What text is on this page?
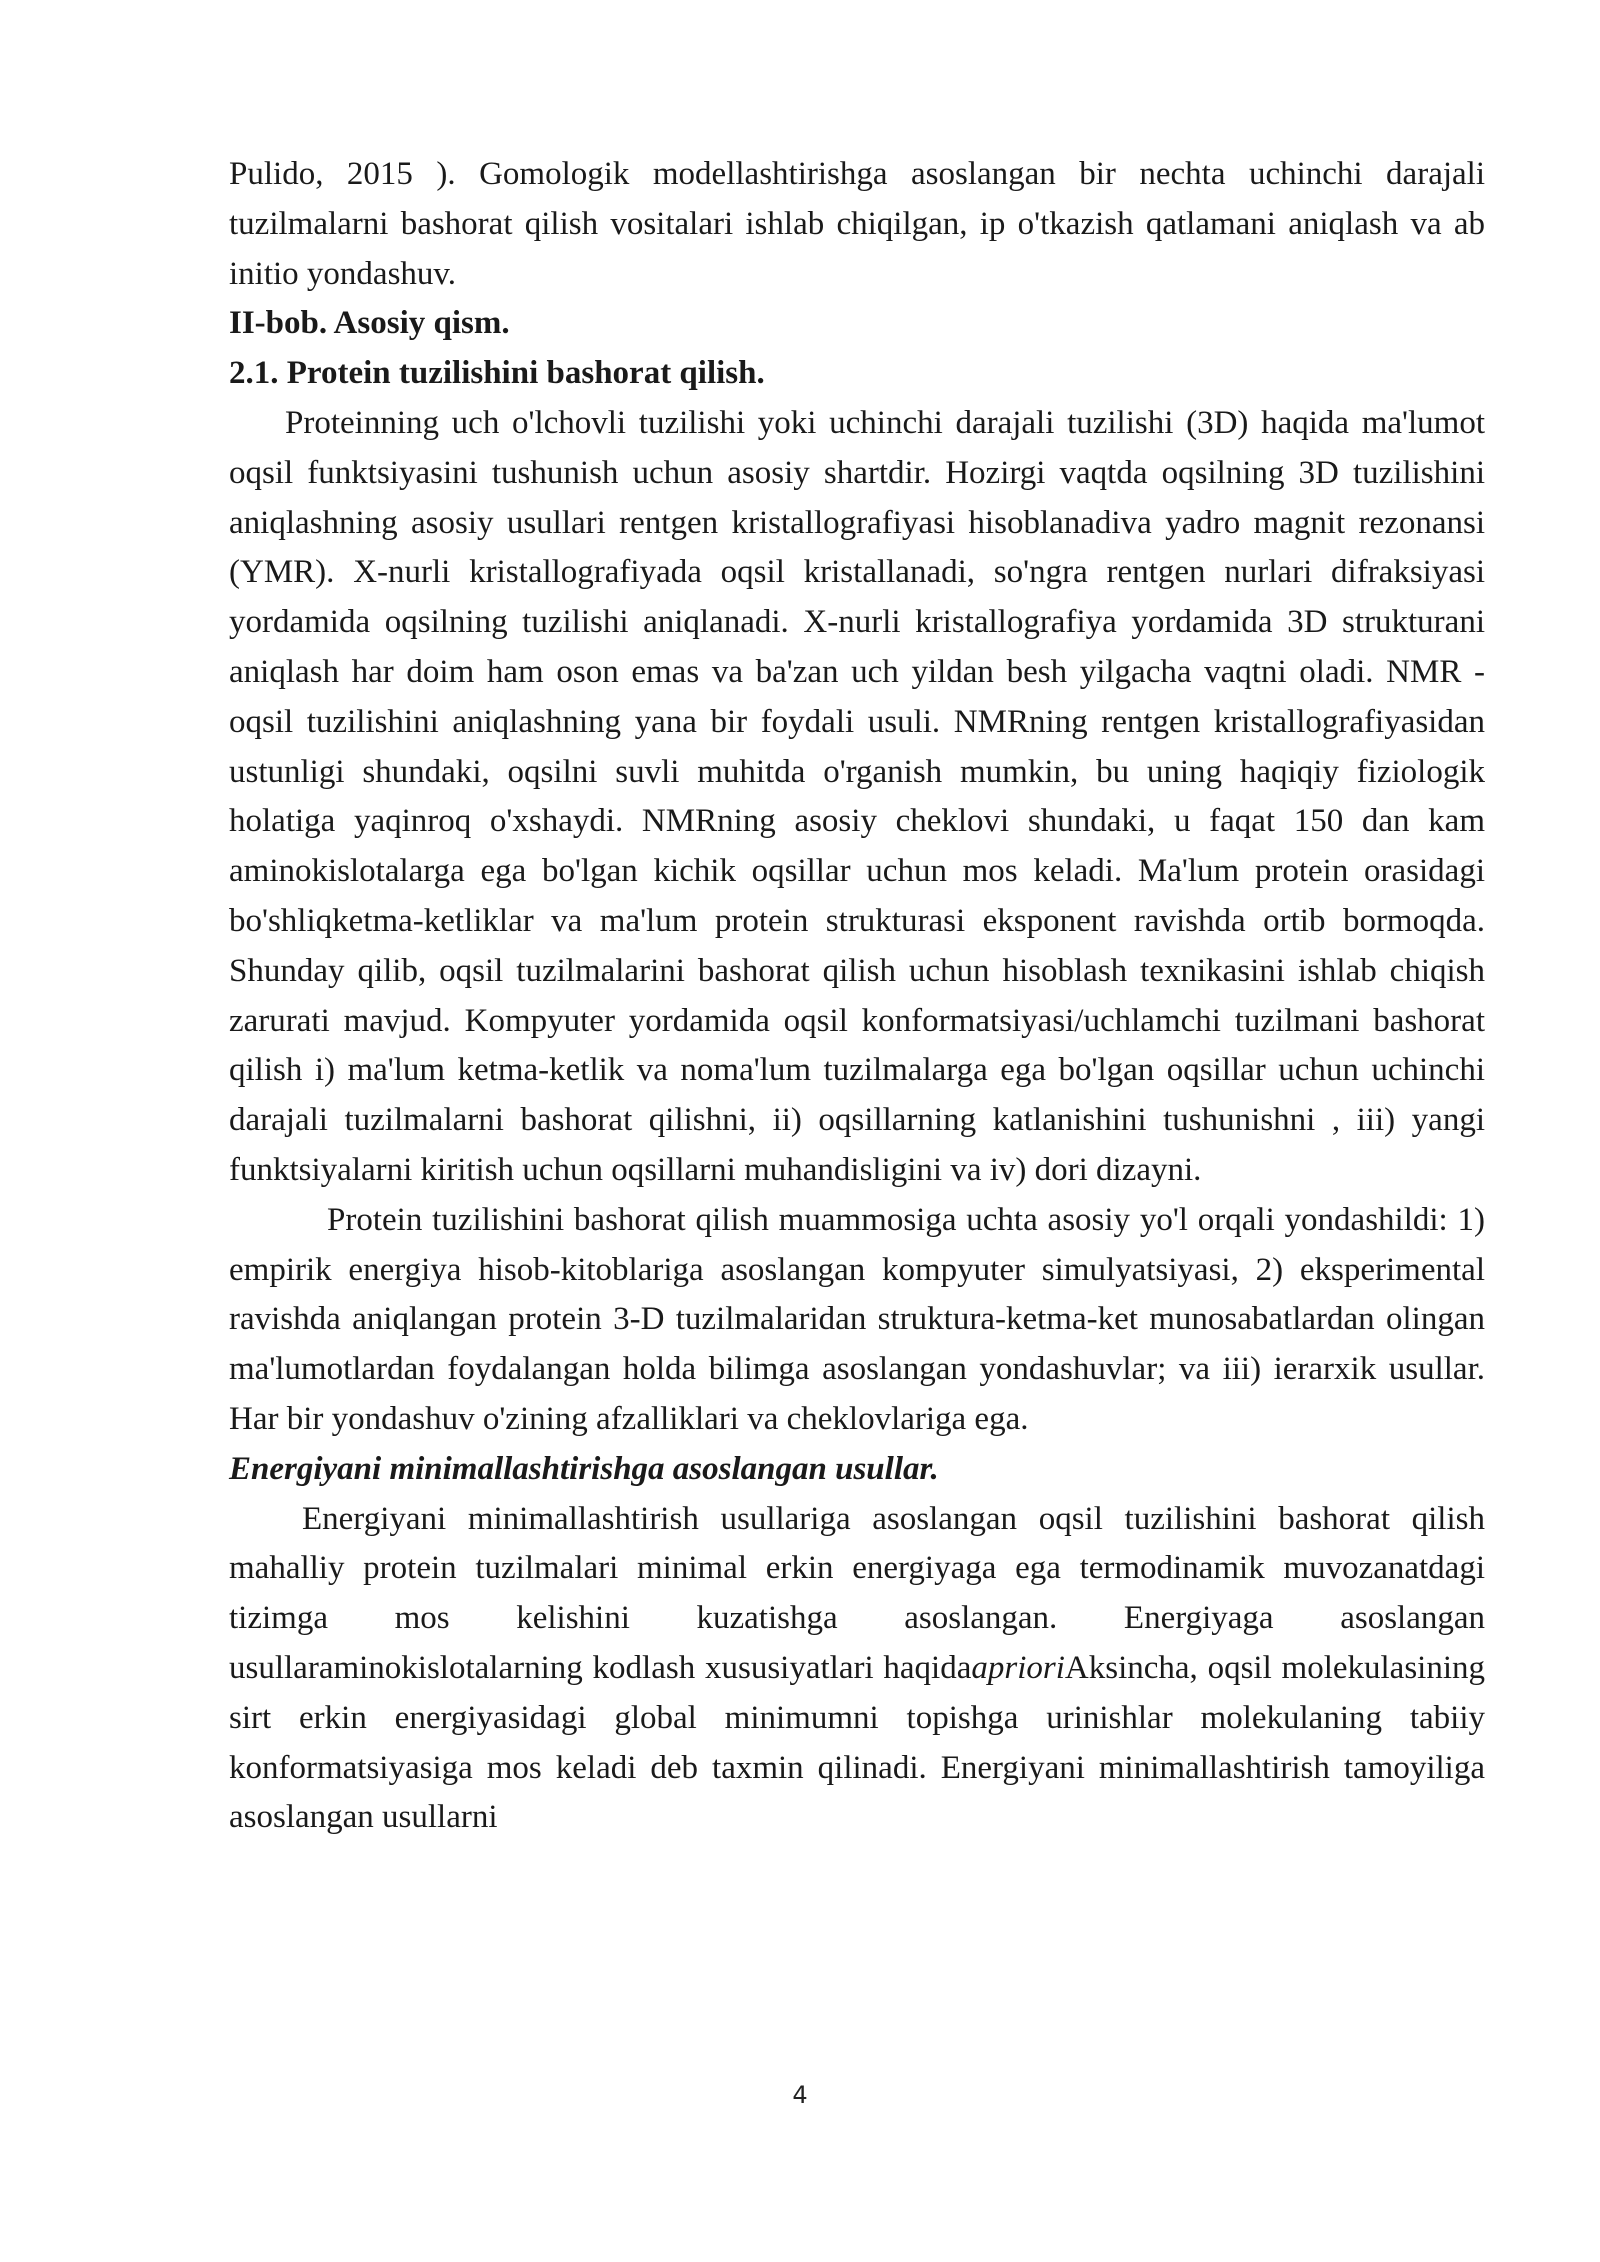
Pulido, 2015 ). Gomologik modellashtirishga asoslangan bir nechta uchinchi darajali tuzilmalarni bashorat qilish vositalari ishlab chiqilgan, ip o'tkazish qatlamani aniqlash va ab initio yondashuv.

II-bob. Asosiy qism.

2.1. Protein tuzilishini bashorat qilish.

Proteinning uch o'lchovli tuzilishi yoki uchinchi darajali tuzilishi (3D) haqida ma'lumot oqsil funktsiyasini tushunish uchun asosiy shartdir. Hozirgi vaqtda oqsilning 3D tuzilishini aniqlashning asosiy usullari rentgen kristallografiyasi hisoblanadiva yadro magnit rezonansi (YMR). X-nurli kristallografiyada oqsil kristallanadi, so'ngra rentgen nurlari difraksiyasi yordamida oqsilning tuzilishi aniqlanadi. X-nurli kristallografiya yordamida 3D strukturani aniqlash har doim ham oson emas va ba'zan uch yildan besh yilgacha vaqtni oladi. NMR - oqsil tuzilishini aniqlashning yana bir foydali usuli. NMRning rentgen kristallografiyasidan ustunligi shundaki, oqsilni suvli muhitda o'rganish mumkin, bu uning haqiqiy fiziologik holatiga yaqinroq o'xshaydi. NMRning asosiy cheklovi shundaki, u faqat 150 dan kam aminokislotalarga ega bo'lgan kichik oqsillar uchun mos keladi. Ma'lum protein orasidagi bo'shliqketma-ketliklar va ma'lum protein strukturasi eksponent ravishda ortib bormoqda. Shunday qilib, oqsil tuzilmalarini bashorat qilish uchun hisoblash texnikasini ishlab chiqish zarurati mavjud. Kompyuter yordamida oqsil konformatsiyasi/uchlamchi tuzilmani bashorat qilish i) ma'lum ketma-ketlik va noma'lum tuzilmalarga ega bo'lgan oqsillar uchun uchinchi darajali tuzilmalarni bashorat qilishni, ii) oqsillarning katlanishini tushunishni , iii) yangi funktsiyalarni kiritish uchun oqsillarni muhandisligini va iv) dori dizayni.

Protein tuzilishini bashorat qilish muammosiga uchta asosiy yo'l orqali yondashildi: 1) empirik energiya hisob-kitoblariga asoslangan kompyuter simulyatsiyasi, 2) eksperimental ravishda aniqlangan protein 3-D tuzilmalaridan struktura-ketma-ket munosabatlardan olingan ma'lumotlardan foydalangan holda bilimga asoslangan yondashuvlar; va iii) ierarxik usullar. Har bir yondashuv o'zining afzalliklari va cheklovlariga ega.

Energiyani minimallashtirishga asoslangan usullar.

Energiyani minimallashtirish usullariga asoslangan oqsil tuzilishini bashorat qilish mahalliy protein tuzilmalari minimal erkin energiyaga ega termodinamik muvozanatdagi tizimga mos kelishini kuzatishga asoslangan. Energiyaga asoslangan usullaraminokislotalarning kodlash xususiyatlari haqidaaprioriAksincha, oqsil molekulasining sirt erkin energiyasidagi global minimumni topishga urinishlar molekulaning tabiiy konformatsiyasiga mos keladi deb taxmin qilinadi. Energiyani minimallashtirish tamoyiliga asoslangan usullarni

4
